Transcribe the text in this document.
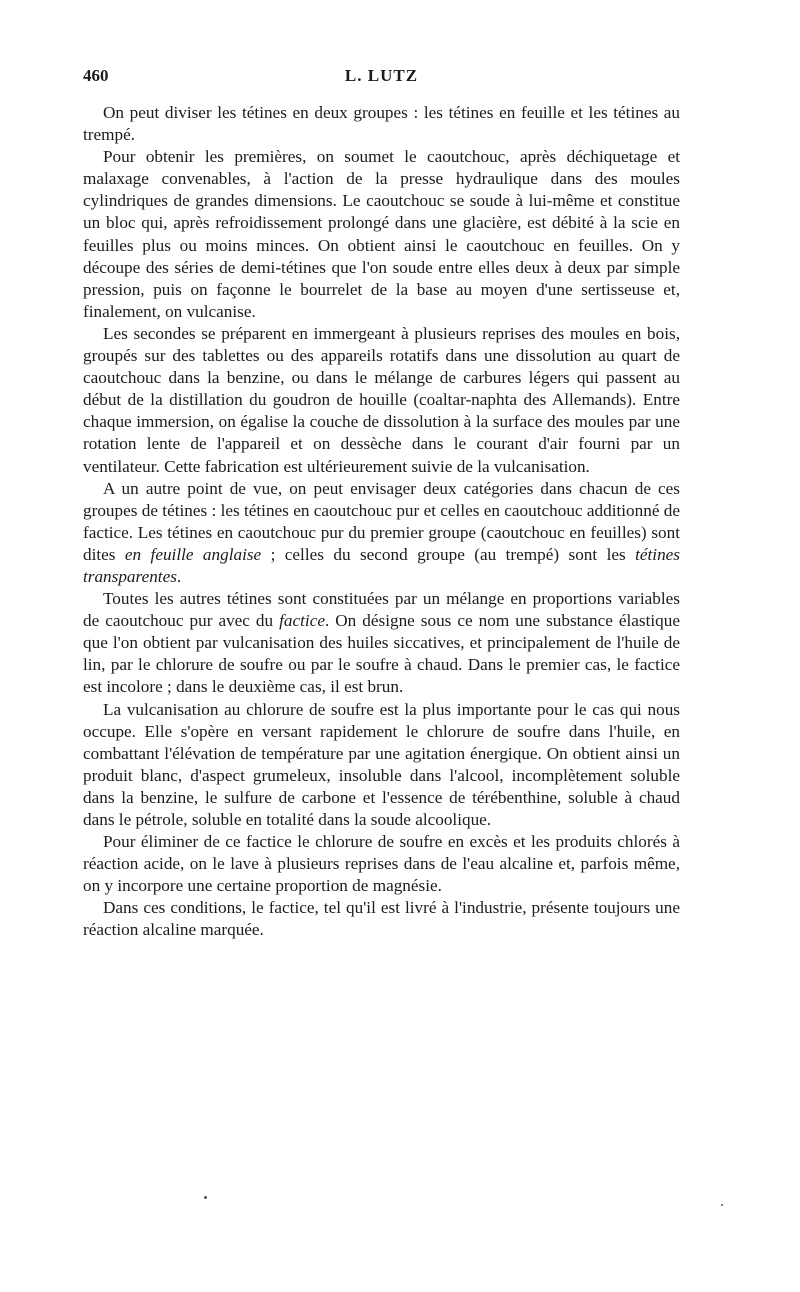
460	L. LUTZ

On peut diviser les tétines en deux groupes : les tétines en feuille et les tétines au trempé.

Pour obtenir les premières, on soumet le caoutchouc, après déchiquetage et malaxage convenables, à l'action de la presse hydraulique dans des moules cylindriques de grandes dimensions. Le caoutchouc se soude à lui-même et constitue un bloc qui, après refroidissement prolongé dans une glacière, est débité à la scie en feuilles plus ou moins minces. On obtient ainsi le caoutchouc en feuilles. On y découpe des séries de demi-tétines que l'on soude entre elles deux à deux par simple pression, puis on façonne le bourrelet de la base au moyen d'une sertisseuse et, finalement, on vulcanise.

Les secondes se préparent en immergeant à plusieurs reprises des moules en bois, groupés sur des tablettes ou des appareils rotatifs dans une dissolution au quart de caoutchouc dans la benzine, ou dans le mélange de carbures légers qui passent au début de la distillation du goudron de houille (coaltar-naphta des Allemands). Entre chaque immersion, on égalise la couche de dissolution à la surface des moules par une rotation lente de l'appareil et on dessèche dans le courant d'air fourni par un ventilateur. Cette fabrication est ultérieurement suivie de la vulcanisation.

A un autre point de vue, on peut envisager deux catégories dans chacun de ces groupes de tétines : les tétines en caoutchouc pur et celles en caoutchouc additionné de factice. Les tétines en caoutchouc pur du premier groupe (caoutchouc en feuilles) sont dites en feuille anglaise ; celles du second groupe (au trempé) sont les tétines transparentes.

Toutes les autres tétines sont constituées par un mélange en proportions variables de caoutchouc pur avec du factice. On désigne sous ce nom une substance élastique que l'on obtient par vulcanisation des huiles siccatives, et principalement de l'huile de lin, par le chlorure de soufre ou par le soufre à chaud. Dans le premier cas, le factice est incolore ; dans le deuxième cas, il est brun.

La vulcanisation au chlorure de soufre est la plus importante pour le cas qui nous occupe. Elle s'opère en versant rapidement le chlorure de soufre dans l'huile, en combattant l'élévation de température par une agitation énergique. On obtient ainsi un produit blanc, d'aspect grumeleux, insoluble dans l'alcool, incomplètement soluble dans la benzine, le sulfure de carbone et l'essence de térébenthine, soluble à chaud dans le pétrole, soluble en totalité dans la soude alcoolique.

Pour éliminer de ce factice le chlorure de soufre en excès et les produits chlorés à réaction acide, on le lave à plusieurs reprises dans de l'eau alcaline et, parfois même, on y incorpore une certaine proportion de magnésie.

Dans ces conditions, le factice, tel qu'il est livré à l'industrie, présente toujours une réaction alcaline marquée.
